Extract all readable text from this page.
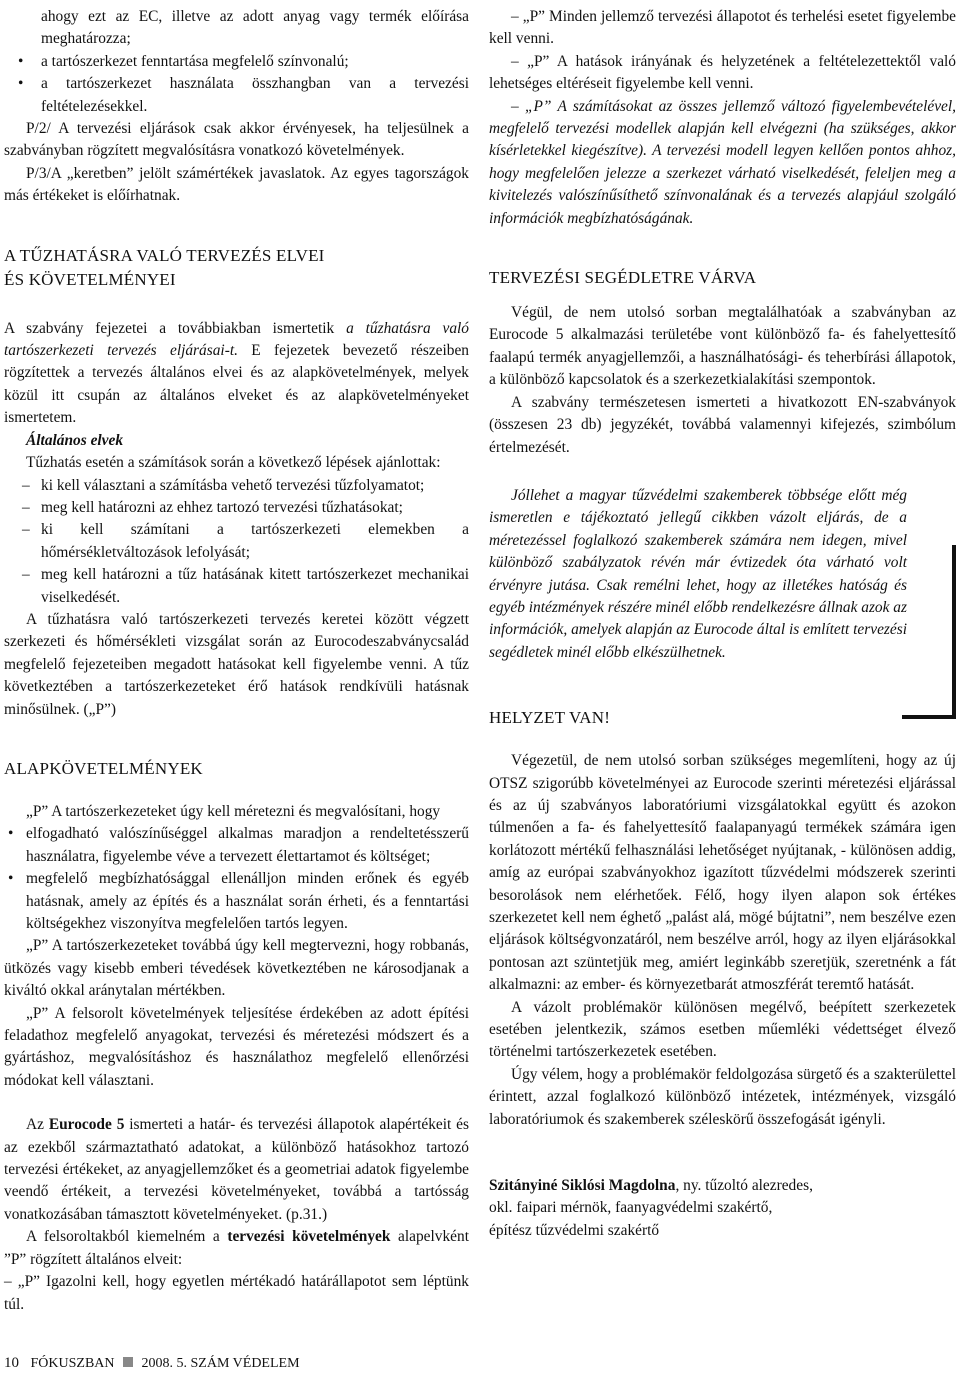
ahogy ezt az EC, illetve az adott anyag vagy termék előírása meghatározza;

• a tartószerkezet fenntartása megfelelő színvonalú;

• a tartószerkezet használata összhangban van a tervezési feltételezésekkel.

P/2/ A tervezési eljárások csak akkor érvényesek, ha teljesülnek a szabványban rögzített megvalósításra vonatkozó követelmények.

P/3/A „keretben” jelölt számértékek javaslatok. Az egyes tagországok más értékeket is előírhatnak.

A TŰZHATÁSRA VALÓ TERVEZÉS ELVEI
ÉS KÖVETELMÉNYEI

A szabvány fejezetei a továbbiakban ismertetik a tűzhatásra való tartószerkezeti tervezés eljárásai-t. E fejezetek bevezető részeiben rögzítettek a tervezés általános elvei és az alapkövetelmények, melyek közül itt csupán az általános elveket és az alapkövetelményeket ismertetem.

Általános elvek

Tűzhatás esetén a számítások során a következő lépések ajánlottak:

– ki kell választani a számításba vehető tervezési tűzfolyamatot;

– meg kell határozni az ehhez tartozó tervezési tűzhatásokat;

– ki kell számítani a tartószerkezeti elemekben a hőmérsékletváltozások lefolyását;

– meg kell határozni a tűz hatásának kitett tartószerkezet mechanikai viselkedését.

A tűzhatásra való tartószerkezeti tervezés keretei között végzett szerkezeti és hőmérsékleti vizsgálat során az Eurocodeszabványcsalád megfelelő fejezeteiben megadott hatásokat kell figyelembe venni. A tűz következtében a tartószerkezeteket érő hatások rendkívüli hatásnak minősülnek. („P”)

ALAPKÖVETELMÉNYEK

„P” A tartószerkezeteket úgy kell méretezni és megvalósítani, hogy

• elfogadható valószínűséggel alkalmas maradjon a rendeltetésszerű használatra, figyelembe véve a tervezett élettartamot és költséget;

• megfelelő megbízhatósággal ellenálljon minden erőnek és egyéb hatásnak, amely az építés és a használat során érheti, és a fenntartási költségekhez viszonyítva megfelelően tartós legyen.

„P” A tartószerkezeteket továbbá úgy kell megtervezni, hogy robbanás, ütközés vagy kisebb emberi tévedések következtében ne károsodjanak a kiváltó okkal aránytalan mértékben.

„P” A felsorolt követelmények teljesítése érdekében az adott építési feladathoz megfelelő anyagokat, tervezési és méretezési módszert és a gyártáshoz, megvalósításhoz és használathoz megfelelő ellenőrzési módokat kell választani.

Az Eurocode 5 ismerteti a határ- és tervezési állapotok alapértékeit és az ezekből származtatható adatokat, a különböző hatásokhoz tartozó tervezési értékeket, az anyagjellemzőket és a geometriai adatok figyelembe veendő értékeit, a tervezési követelményeket, továbbá a tartósság vonatkozásában támasztott követelményeket. (p.31.)

A felsoroltakból kiemelném a tervezési követelmények alapelvként ”P” rögzített általános elveit:

– „P” Igazolni kell, hogy egyetlen mértékadó határállapotot sem léptünk túl.

– „P” Minden jellemző tervezési állapotot és terhelési esetet figyelembe kell venni.

– „P” A hatások irányának és helyzetének a feltételezettektől való lehetséges eltéréseit figyelembe kell venni.

– „P” A számításokat az összes jellemző változó figyelembevételével, megfelelő tervezési modellek alapján kell elvégezni (ha szükséges, akkor kísérletekkel kiegészítve). A tervezési modell legyen kellően pontos ahhoz, hogy megfelelően jelezze a szerkezet várható viselkedését, feleljen meg a kivitelezés valószínűsíthető színvonalának és a tervezés alapjául szolgáló információk megbízhatóságának.

TERVEZÉSI SEGÉDLETRE VÁRVA

Végül, de nem utolsó sorban megtalálhatóak a szabványban az Eurocode 5 alkalmazási területébe vont különböző fa- és fahelyettesítő faalapú termék anyagjellemzői, a használhatósági- és teherbírási állapotok, a különböző kapcsolatok és a szerkezetkialakítási szempontok.

A szabvány természetesen ismerteti a hivatkozott EN-szabványok (összesen 23 db) jegyzékét, továbbá valamennyi kifejezés, szimbólum értelmezését.

Jóllehet a magyar tűzvédelmi szakemberek többsége előtt még ismeretlen e tájékoztató jellegű cikkben vázolt eljárás, de a méretezéssel foglalkozó szakemberek számára nem idegen, mivel különböző szabályzatok révén már évtizedek óta várható volt érvényre jutása. Csak remélni lehet, hogy az illetékes hatóság és egyéb intézmények részére minél előbb rendelkezésre állnak azok az információk, amelyek alapján az Eurocode által is említett tervezési segédletek minél előbb elkészülhetnek.

HELYZET VAN!

Végezetül, de nem utolsó sorban szükséges megemlíteni, hogy az új OTSZ szigorúbb követelményei az Eurocode szerinti méretezési eljárással és az új szabványos laboratóriumi vizsgálatokkal együtt és azokon túlmenően a fa- és fahelyettesítő faalapanyagú termékek számára igen korlátozott mértékű felhasználási lehetőséget nyújtanak, - különösen addig, amíg az európai szabványokhoz igazított tűzvédelmi módszerek szerinti besorolások nem elérhetőek. Félő, hogy ilyen alapon sok értékes szerkezetet kell nem éghető „palást alá, mögé bújtatni”, nem beszélve ezen eljárások költségvonzatáról, nem beszélve arról, hogy az ilyen eljárásokkal pontosan azt szüntetjük meg, amiért leginkább szeretjük, szeretnénk a fát alkalmazni: az ember- és környezetbarát atmoszférát teremtő hatását.

A vázolt problémakör különösen megélvő, beépített szerkezetek esetében jelentkezik, számos esetben műemléki védettséget élvező történelmi tartószerkezetek esetében.

Úgy vélem, hogy a problémakör feldolgozása sürgető és a szakterülettel érintett, azzal foglalkozó különböző intézetek, intézmények, vizsgáló laboratóriumok és szakemberek széleskörű összefogását igényli.

Szitányiné Siklósi Magdolna, ny. tűzoltó alezredes,

okl. faipari mérnök, faanyagvédelmi szakértő,

építész tűzvédelmi szakértő

10 FÓKUSZBAN 2008. 5. SZÁM VÉDELEM
